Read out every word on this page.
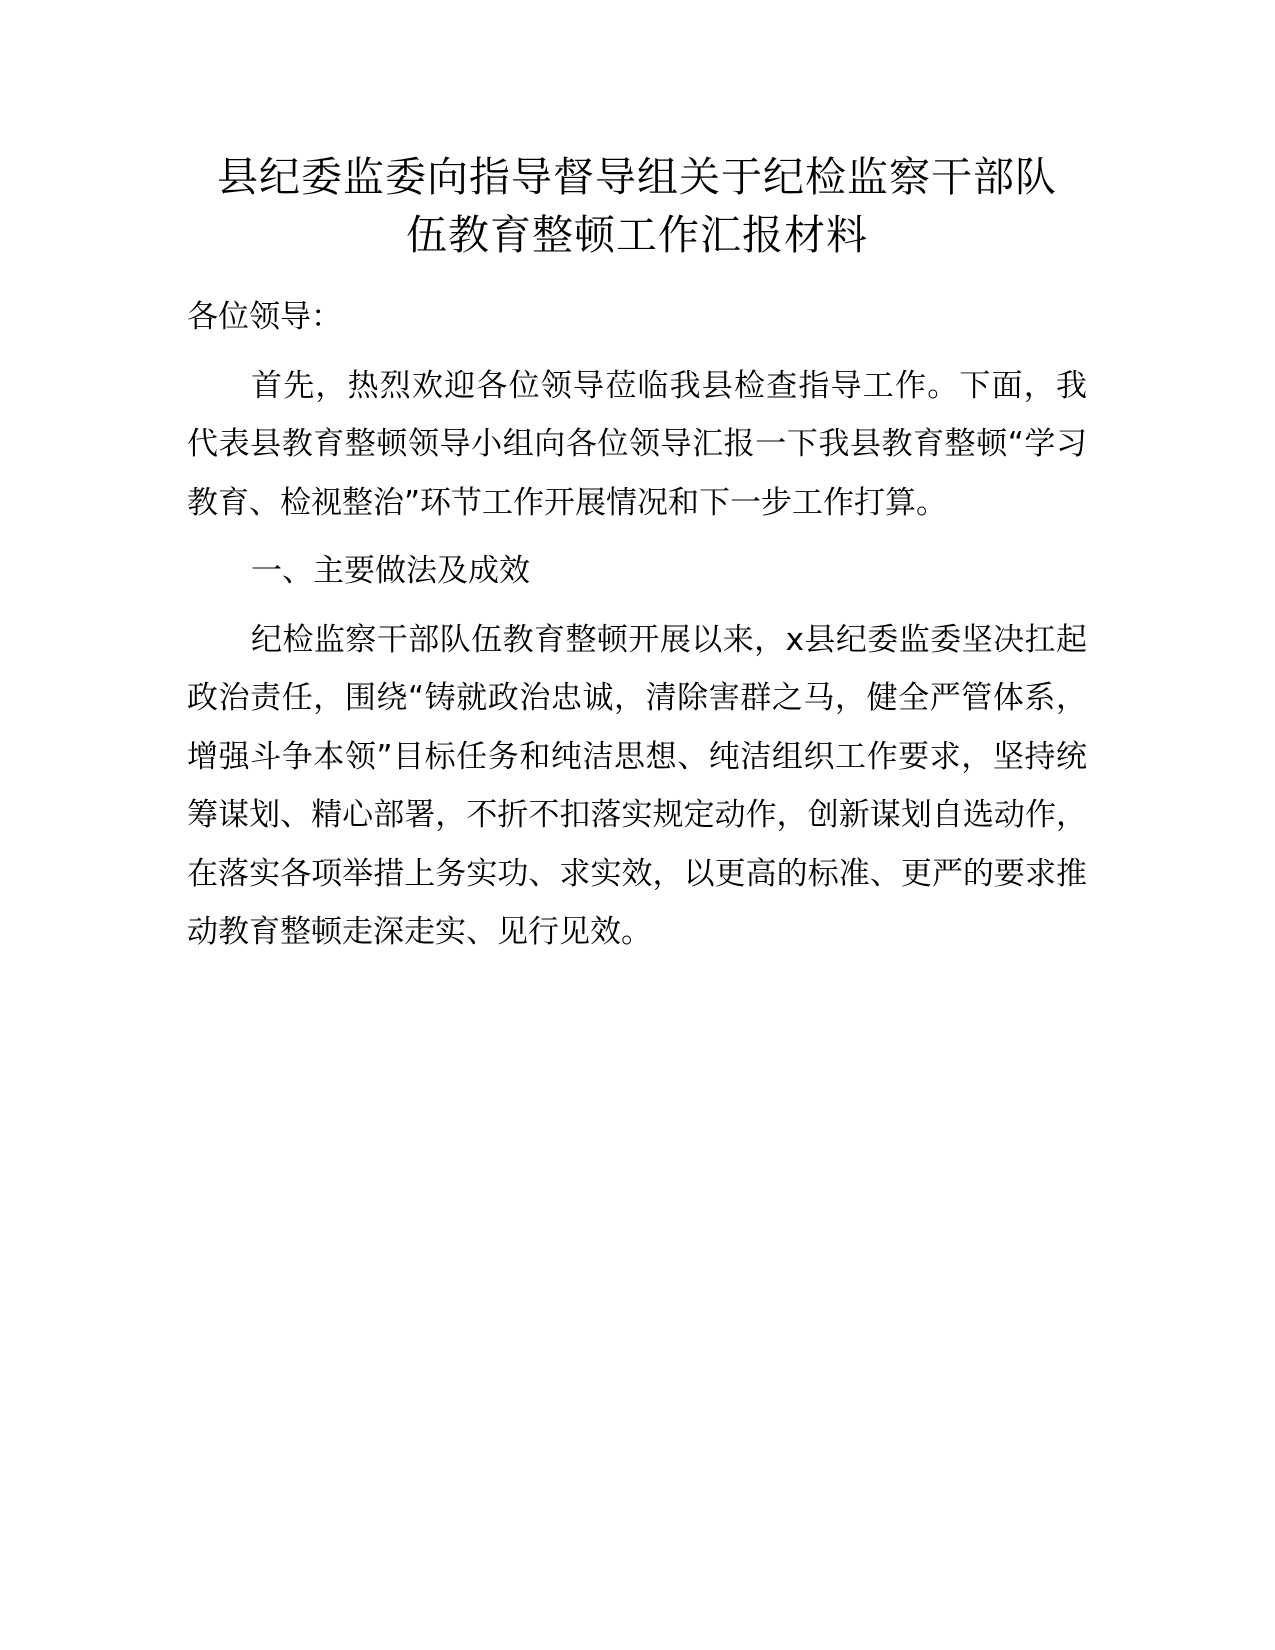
县纪委监委向指导督导组关于纪检监察干部队
伍教育整顿工作汇报材料

各位领导：

首先，热烈欢迎各位领导莅临我县检查指导工作。下面，我代表县教育整顿领导小组向各位领导汇报一下我县教育整顿“学习教育、检视整治”环节工作开展情况和下一步工作打算。

一、主要做法及成效

纪检监察干部队伍教育整顿开展以来，x县纪委监委坚决扛起政治责任，围绕“铸就政治忠诚，清除害群之马，健全严管体系，增强斗争本领”目标任务和纯洁思想、纯洁组织工作要求，坚持统筹谋划、精心部署，不折不扣落实规定动作，创新谋划自选动作，在落实各项举措上务实功、求实效，以更高的标准、更严的要求推动教育整顿走深走实、见行见效。
